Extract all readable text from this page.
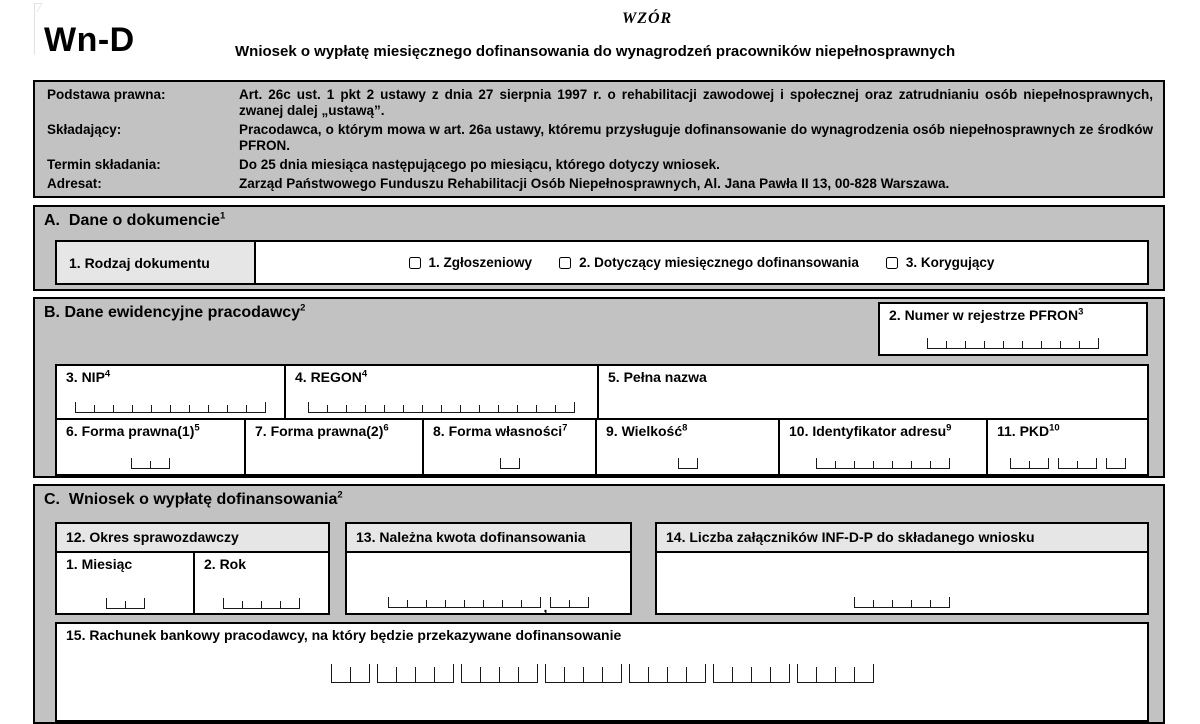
WZÓR
Wn-D	Wniosek o wypłatę miesięcznego dofinansowania do wynagrodzeń pracowników niepełnosprawnych
Podstawa prawna:	Art. 26c ust. 1 pkt 2 ustawy z dnia 27 sierpnia 1997 r. o rehabilitacji zawodowej i społecznej oraz zatrudnianiu osób niepełnosprawnych, zwanej dalej „ustawą”.
Składający:	Pracodawca, o którym mowa w art. 26a ustawy, któremu przysługuje dofinansowanie do wynagrodzenia osób niepełnosprawnych ze środków PFRON.
Termin składania:	Do 25 dnia miesiąca następującego po miesiącu, którego dotyczy wniosek.
Adresat:	Zarząd Państwowego Funduszu Rehabilitacji Osób Niepełnosprawnych, Al. Jana Pawła II 13, 00-828 Warszawa.
A.  Dane o dokumencie$^1$
1. Rodzaj dokumentu	1. Zgłoszeniowy	2. Dotyczący miesięcznego dofinansowania	3. Korygujący
B. Dane ewidencyjne pracodawcy$^2$	2. Numer w rejestrze PFRON$^3$
3. NIP$^4$	4. REGON$^4$	5. Pełna nazwa
6. Forma $prawna(1)^5$	7. Forma $prawna(2)^6$	8. Forma własności$^7$	9. Wielkość$^8$	10. Identyfikator adresu$^9$	11. PKD$^{10}$
C.  Wniosek o wypłatę dofinansowania$^2$
12. Okres sprawozdawczy
1. Miesiąc	2. Rok
13. Należna kwota dofinansowania
,
14. Liczba załączników INF-D-P do składanego wniosku
15. Rachunek bankowy pracodawcy, na który będzie przekazywane dofinansowanie
